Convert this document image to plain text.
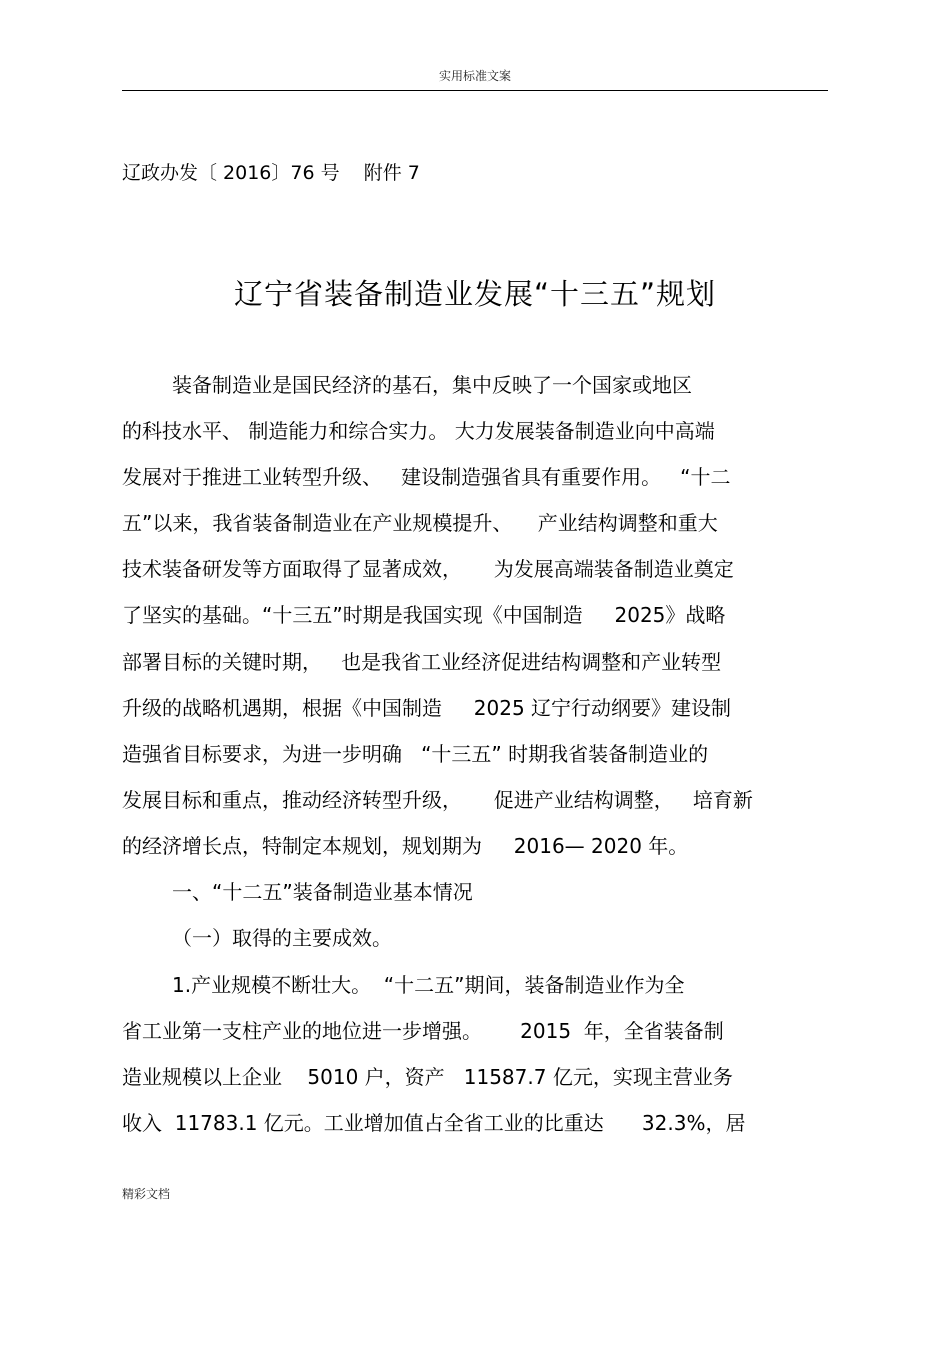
实用标准文案
辽政办发〔 2016〕76 号    附件 7
辽宁省装备制造业发展“十三五”规划
装备制造业是国民经济的基石，集中反映了一个国家或地区
的科技水平、 制造能力和综合实力。 大力发展装备制造业向中高端
发展对于推进工业转型升级、   建设制造强省具有重要作用。   “十二
五”以来，我省装备制造业在产业规模提升、    产业结构调整和重大
技术装备研发等方面取得了显著成效，     为发展高端装备制造业奠定
了坚实的基础。“十三五”时期是我国实现《中国制造     2025》战略
部署目标的关键时期，   也是我省工业经济促进结构调整和产业转型
升级的战略机遇期，根据《中国制造     2025 辽宁行动纲要》建设制
造强省目标要求，为进一步明确   “十三五” 时期我省装备制造业的
发展目标和重点，推动经济转型升级，     促进产业结构调整，   培育新
的经济增长点，特制定本规划，规划期为     2016— 2020 年。
一、“十二五”装备制造业基本情况
（一）取得的主要成效。
1.产业规模不断壮大。  “十二五”期间，装备制造业作为全
省工业第一支柱产业的地位进一步增强。      2015  年，全省装备制
造业规模以上企业    5010 户，资产   11587.7 亿元，实现主营业务
收入  11783.1 亿元。工业增加值占全省工业的比重达      32.3%，居
精彩文档
